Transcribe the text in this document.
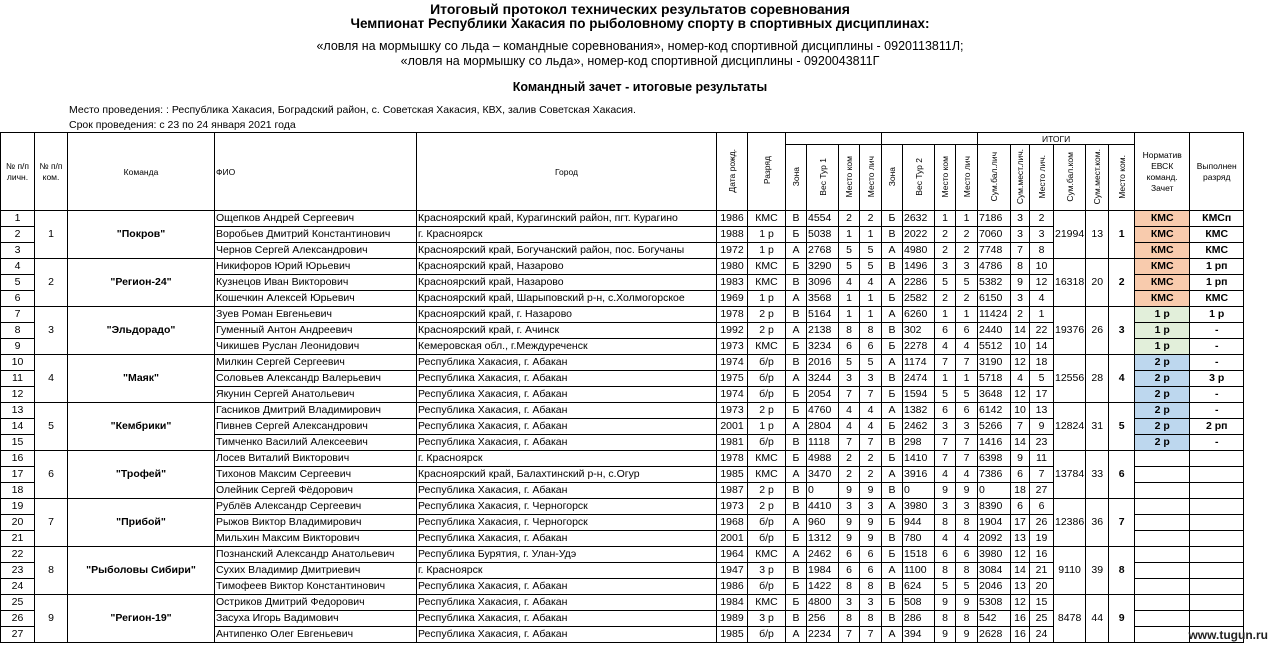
Итоговый протокол технических результатов соревнования
Чемпионат Республики Хакасия по рыболовному спорту в спортивных дисциплинах:
«ловля на мормышку со льда – командные соревнования», номер-код спортивной дисциплины - 0920113811Л;
«ловля на мормышку со льда», номер-код спортивной дисциплины - 0920043811Г
Командный зачет - итоговые результаты
Место проведения: : Республика Хакасия, Боградский район, с. Советская Хакасия, КВХ, залив Советская Хакасия.
Срок проведения: с 23 по 24 января 2021 года
№ п/п личн.	№ п/п ком.	Команда	ФИО	Город	Дата рожд.	Разряд									ИТОГИ						Норматив ЕВСК команд. Зачет	Выполнен разряд
							Зона	Вес Тур 1	Место ком	Место лич	Зона	Вес Тур 2	Место ком	Место лич	Сум.бал.лич	Сум.мест.лич.	Место лич.	Сум.бал.ком	Сум.мест.ком.	Место ком.		
1	1	"Покров"	Ощепков Андрей Сергеевич	Красноярский край, Курагинский район, пгт. Курагино	1986	КМС	В	4554	2	2	Б	2632	1	1	7186	3	2	21994	13	1	КМС	КМСп
2			Воробьев Дмитрий Константинович	г. Красноярск	1988	1 р	Б	5038	1	1	В	2022	2	2	7060	3	3				КМС	КМС
3			Чернов Сергей Александрович	Красноярский край, Богучанский район, пос. Богучаны	1972	1 р	А	2768	5	5	А	4980	2	2	7748	7	8				КМС	КМС
4	2	"Регион-24"	Никифоров Юрий Юрьевич	Красноярский край, Назарово	1980	КМС	Б	3290	5	5	В	1496	3	3	4786	8	10	16318	20	2	КМС	1 рп
5			Кузнецов Иван Викторович	Красноярский край, Назарово	1983	КМС	В	3096	4	4	А	2286	5	5	5382	9	12				КМС	1 рп
6			Кошечкин Алексей Юрьевич	Красноярский край, Шарыповский р-н, с.Холмогорское	1969	1 р	А	3568	1	1	Б	2582	2	2	6150	3	4				КМС	КМС
7	3	"Эльдорадо"	Зуев Роман Евгеньевич	Красноярский край, г. Назарово	1978	2 р	В	5164	1	1	А	6260	1	1	11424	2	1	19376	26	3	1 р	1 р
8			Гуменный Антон Андреевич	Красноярский край, г. Ачинск	1992	2 р	А	2138	8	8	В	302	6	6	2440	14	22				1 р	-
9			Чикишев Руслан Леонидович	Кемеровская обл., г.Междуреченск	1973	КМС	Б	3234	6	6	Б	2278	4	4	5512	10	14				1 р	-
10	4	"Маяк"	Милкин Сергей Сергеевич	Республика Хакасия, г. Абакан	1974	б/р	В	2016	5	5	А	1174	7	7	3190	12	18	12556	28	4	2 р	-
11			Соловьев Александр Валерьевич	Республика Хакасия, г. Абакан	1975	б/р	А	3244	3	3	В	2474	1	1	5718	4	5				2 р	3 р
12			Якунин Сергей Анатольевич	Республика Хакасия, г. Абакан	1974	б/р	Б	2054	7	7	Б	1594	5	5	3648	12	17				2 р	-
13	5	"Кембрики"	Гасников Дмитрий Владимирович	Республика Хакасия, г. Абакан	1973	2 р	Б	4760	4	4	А	1382	6	6	6142	10	13	12824	31	5	2 р	-
14			Пивнев Сергей Александрович	Республика Хакасия, г. Абакан	2001	1 р	А	2804	4	4	Б	2462	3	3	5266	7	9				2 р	2 рп
15			Тимченко Василий Алексеевич	Республика Хакасия, г. Абакан	1981	б/р	В	1118	7	7	В	298	7	7	1416	14	23				2 р	-
16	6	"Трофей"	Лосев Виталий Викторович	г. Красноярск	1978	КМС	Б	4988	2	2	Б	1410	7	7	6398	9	11	13784	33	6		
17			Тихонов Максим Сергеевич	Красноярский край, Балахтинский р-н, с.Огур	1985	КМС	А	3470	2	2	А	3916	4	4	7386	6	7					
18			Олейник Сергей Фёдорович	Республика Хакасия, г. Абакан	1987	2 р	В	0	9	9	В	0	9	9	0	18	27					
19	7	"Прибой"	Рублёв Александр Сергеевич	Республика Хакасия, г. Черногорск	1973	2 р	В	4410	3	3	А	3980	3	3	8390	6	6	12386	36	7		
20			Рыжов Виктор Владимирович	Республика Хакасия, г. Черногорск	1968	б/р	А	960	9	9	Б	944	8	8	1904	17	26					
21			Мильхин Максим Викторович	Республика Хакасия, г. Абакан	2001	б/р	Б	1312	9	9	В	780	4	4	2092	13	19					
22	8	"Рыболовы Сибири"	Познанский Александр Анатольевич	Республика Бурятия, г. Улан-Удэ	1964	КМС	А	2462	6	6	Б	1518	6	6	3980	12	16	9110	39	8		
23			Сухих Владимир Дмитриевич	г. Красноярск	1947	3 р	В	1984	6	6	А	1100	8	8	3084	14	21					
24			Тимофеев Виктор Константинович	Республика Хакасия, г. Абакан	1986	б/р	Б	1422	8	8	В	624	5	5	2046	13	20					
25	9	"Регион-19"	Остриков Дмитрий Федорович	Республика Хакасия, г. Абакан	1984	КМС	Б	4800	3	3	Б	508	9	9	5308	12	15	8478	44	9		
26			Засуха Игорь Вадимович	Республика Хакасия, г. Абакан	1989	3 р	В	256	8	8	В	286	8	8	542	16	25					
27			Антипенко Олег Евгеньевич	Республика Хакасия, г. Абакан	1985	б/р	А	2234	7	7	А	394	9	9	2628	16	24						www.tugun.ru
